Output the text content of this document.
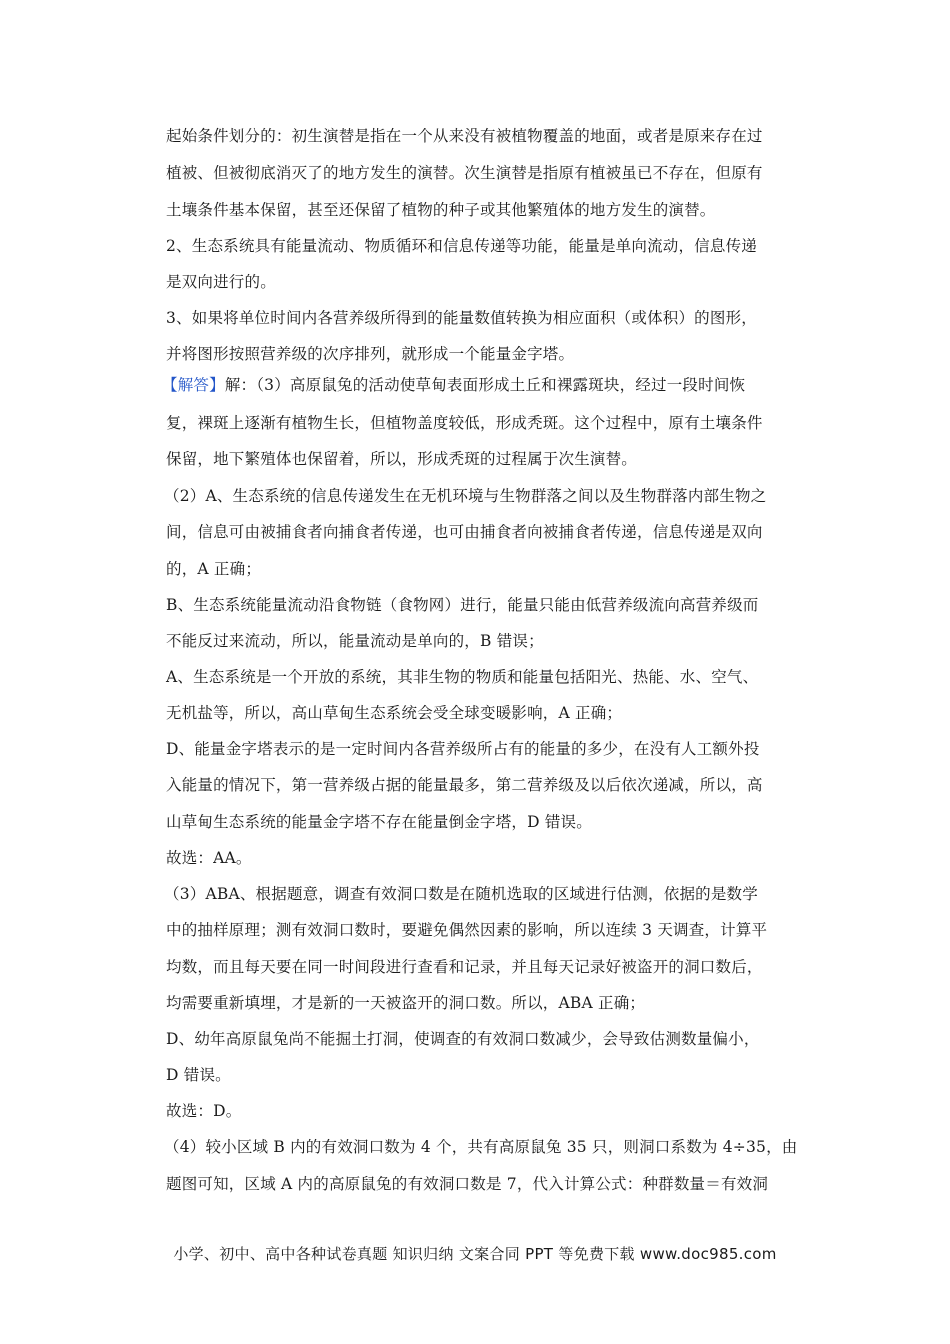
起始条件划分的：初生演替是指在一个从来没有被植物覆盖的地面，或者是原来存在过
植被、但被彻底消灭了的地方发生的演替。次生演替是指原有植被虽已不存在，但原有
土壤条件基本保留，甚至还保留了植物的种子或其他繁殖体的地方发生的演替。
2、生态系统具有能量流动、物质循环和信息传递等功能，能量是单向流动，信息传递
是双向进行的。
3、如果将单位时间内各营养级所得到的能量数值转换为相应面积（或体积）的图形，
并将图形按照营养级的次序排列，就形成一个能量金字塔。
【解答】解：（3）高原鼠兔的活动使草甸表面形成土丘和裸露斑块，经过一段时间恢
复，裸斑上逐渐有植物生长，但植物盖度较低，形成秃斑。这个过程中，原有土壤条件
保留，地下繁殖体也保留着，所以，形成秃斑的过程属于次生演替。
（2）A、生态系统的信息传递发生在无机环境与生物群落之间以及生物群落内部生物之
间，信息可由被捕食者向捕食者传递，也可由捕食者向被捕食者传递，信息传递是双向
的，A 正确；
B、生态系统能量流动沿食物链（食物网）进行，能量只能由低营养级流向高营养级而
不能反过来流动，所以，能量流动是单向的，B 错误；
A、生态系统是一个开放的系统，其非生物的物质和能量包括阳光、热能、水、空气、
无机盐等，所以，高山草甸生态系统会受全球变暖影响，A 正确；
D、能量金字塔表示的是一定时间内各营养级所占有的能量的多少，在没有人工额外投
入能量的情况下，第一营养级占据的能量最多，第二营养级及以后依次递减，所以，高
山草甸生态系统的能量金字塔不存在能量倒金字塔，D 错误。
故选：AA。
（3）ABA、根据题意，调查有效洞口数是在随机选取的区域进行估测，依据的是数学
中的抽样原理；测有效洞口数时，要避免偶然因素的影响，所以连续 3 天调查，计算平
均数，而且每天要在同一时间段进行查看和记录，并且每天记录好被盗开的洞口数后，
均需要重新填埋，才是新的一天被盗开的洞口数。所以，ABA 正确；
D、幼年高原鼠兔尚不能掘土打洞，使调查的有效洞口数减少，会导致估测数量偏小，
D 错误。
故选：D。
（4）较小区域 B 内的有效洞口数为 4 个，共有高原鼠兔 35 只，则洞口系数为 4÷35，由
题图可知，区域 A 内的高原鼠兔的有效洞口数是 7，代入计算公式：种群数量＝有效洞
小学、初中、高中各种试卷真题 知识归纳 文案合同 PPT 等免费下载 www.doc985.com
